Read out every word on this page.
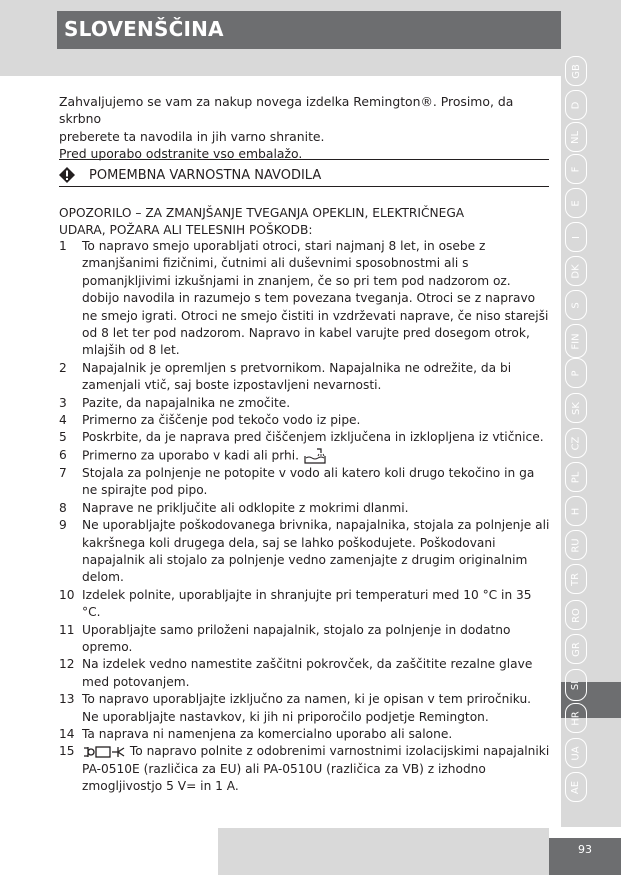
SLOVENŠČINA
GB
D
NL
F
E
I
DK
S
FIN
P
SK
CZ
PL
H
RU
TR
RO
GR
SI
HR
UA
AE

Zahvaljujemo se vam za nakup novega izdelka Remington®. Prosimo, da skrbno

preberete ta navodila in jih varno shranite.

Pred uporabo odstranite vso embalažo.

POMEMBNA VARNOSTNA NAVODILA

OPOZORILO – ZA ZMANJŠANJE TVEGANJA OPEKLIN, ELEKTRIČNEGA

UDARA, POŽARA ALI TELESNIH POŠKODB:

1	To napravo smejo uporabljati otroci, stari najmanj 8 let, in osebe z zmanjšanimi fizičnimi, čutnimi ali duševnimi sposobnostmi ali s pomanjkljivimi izkušnjami in znanjem, če so pri tem pod nadzorom oz. dobijo navodila in razumejo s tem povezana tveganja. Otroci se z napravo ne smejo igrati. Otroci ne smejo čistiti in vzdrževati naprave, če niso starejši od 8 let ter pod nadzorom. Napravo in kabel varujte pred dosegom otrok, mlajših od 8 let.
2	Napajalnik je opremljen s pretvornikom. Napajalnika ne odrežite, da bi zamenjali vtič, saj boste izpostavljeni nevarnosti.
3	Pazite, da napajalnika ne zmočite.
4	Primerno za čiščenje pod tekočo vodo iz pipe.
5	Poskrbite, da je naprava pred čiščenjem izključena in izklopljena iz vtičnice.
6	Primerno za uporabo v kadi ali prhi.
7	Stojala za polnjenje ne potopite v vodo ali katero koli drugo tekočino in ga ne spirajte pod pipo.
8	Naprave ne priključite ali odklopite z mokrimi dlanmi.
9	Ne uporabljajte poškodovanega brivnika, napajalnika, stojala za polnjenje ali kakršnega koli drugega dela, saj se lahko poškodujete. Poškodovani napajalnik ali stojalo za polnjenje vedno zamenjajte z drugim originalnim delom.
10 Izdelek polnite, uporabljajte in shranjujte pri temperaturi med 10 °C in 35 °C.
11 Uporabljajte samo priloženi napajalnik, stojalo za polnjenje in dodatno opremo.
12 Na izdelek vedno namestite zaščitni pokrovček, da zaščitite rezalne glave med potovanjem.
13 To napravo uporabljajte izključno za namen, ki je opisan v tem priročniku. Ne uporabljajte nastavkov, ki jih ni priporočilo podjetje Remington.
14 Ta naprava ni namenjena za komercialno uporabo ali salone.
15	To napravo polnite z odobrenimi varnostnimi izolacijskimi napajalniki PA-0510E (različica za EU) ali PA-0510U (različica za VB) z izhodno zmogljivostjo 5 V= in 1 A.
93
